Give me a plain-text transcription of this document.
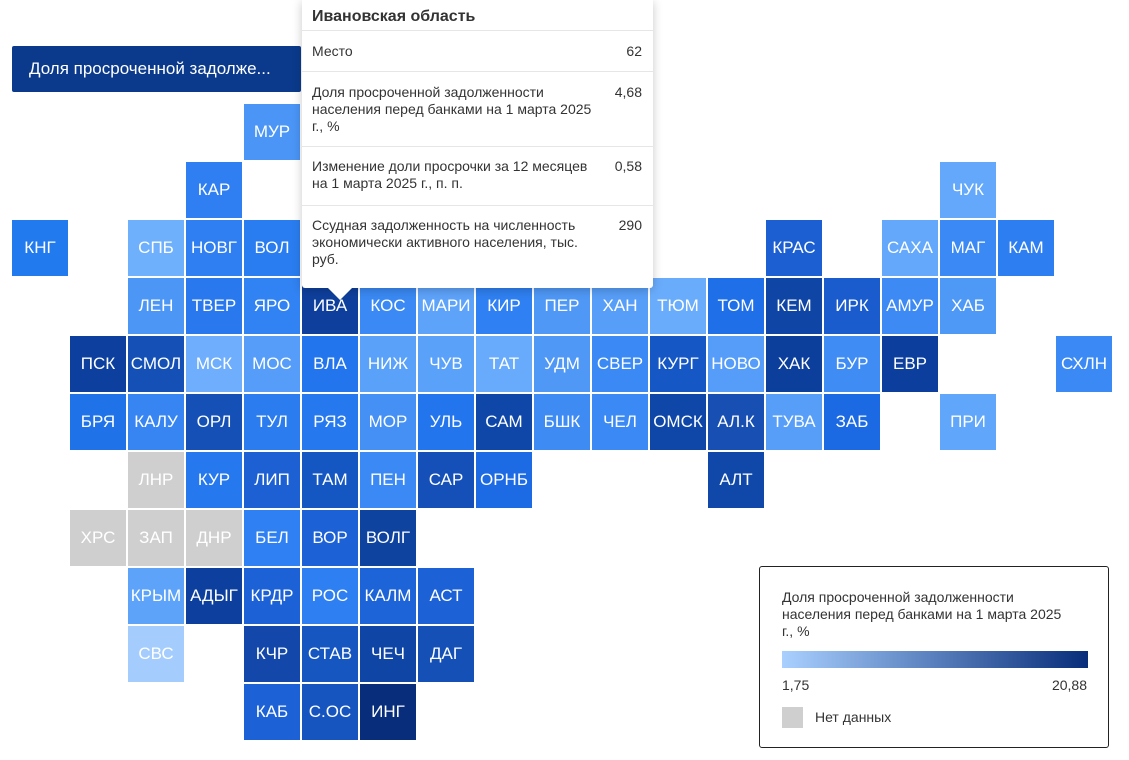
Доля просроченной задолже...
МУР
КАР	ЧУК
КНГ	СПБ	НОВГ	ВОЛ	КРАС	САХА	МАГ	КАМ
ЛЕН	ТВЕР	ЯРО	ИВА	КОС МАРИ КИР	ПЕР	ХАН	ТЮМ	ТОМ	КЕМ	ИРК	АМУР	ХАБ
ПСК СМОЛ МСК	МОС	ВЛА	НИЖ	ЧУВ	ТАТ	УДМ СВЕР КУРГ НОВО ХАК	БУР	ЕВР	СХЛН
БРЯ	КАЛУ	ОРЛ	ТУЛ	РЯЗ	МОР	УЛЬ	САМ	БШК	ЧЕЛ ОМСК АЛ.К	ТУВА	ЗАБ	ПРИ
ЛНР	КУР	ЛИП	ТАМ	ПЕН	САР ОРНБ	АЛТ
ХРС	ЗАП	ДНР	БЕЛ	ВОР	ВОЛГ
КРЫМ АДЫГ КРДР	РОС КАЛМ	АСТ
СВС	КЧР	СТАВ	ЧЕЧ	ДАГ
КАБ	С.ОС	ИНГ
Ивановская область
Место	62
Доля просроченной задолженности населения перед банками на 1 марта 2025 г., %
4,68
Изменение доли просрочки за 12 месяцев на 1 марта 2025 г., п. п.
0,58
Ссудная задолженность на численность экономически активного населения, тыс. руб.
290
Доля просроченной задолженности населения перед банками на 1 марта 2025 г., %
1,75	20,88
Нет данных
